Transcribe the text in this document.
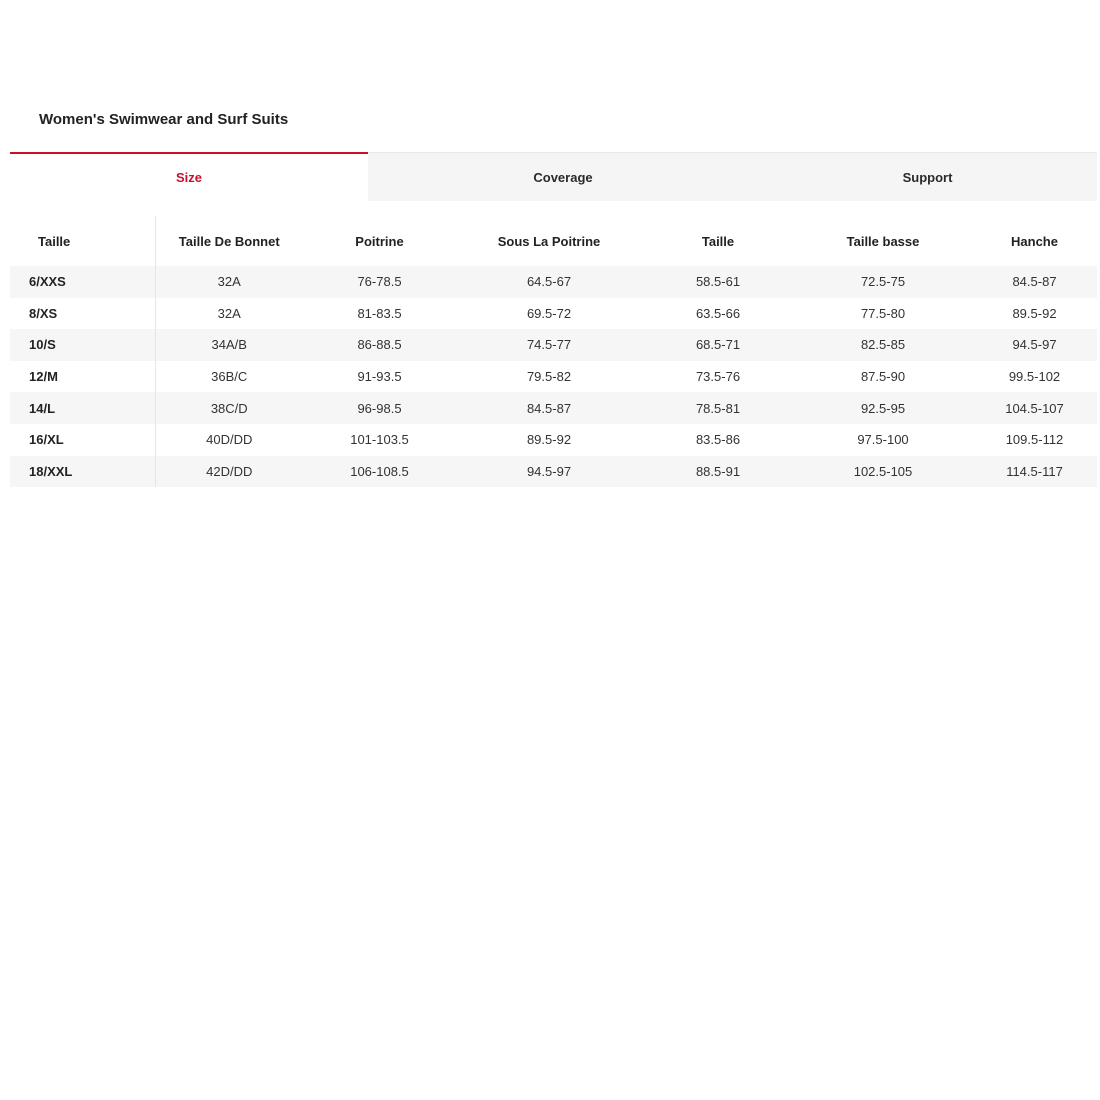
Women's Swimwear and Surf Suits
Size	Coverage	Support
Taille	Taille De Bonnet	Poitrine	Sous La Poitrine	Taille	Taille basse	Hanche
6/XXS	32A	76-78.5	64.5-67	58.5-61	72.5-75	84.5-87
8/XS	32A	81-83.5	69.5-72	63.5-66	77.5-80	89.5-92
10/S	34A/B	86-88.5	74.5-77	68.5-71	82.5-85	94.5-97
12/M	36B/C	91-93.5	79.5-82	73.5-76	87.5-90	99.5-102
14/L	38C/D	96-98.5	84.5-87	78.5-81	92.5-95	104.5-107
16/XL	40D/DD	101-103.5	89.5-92	83.5-86	97.5-100	109.5-112
18/XXL	42D/DD	106-108.5	94.5-97	88.5-91	102.5-105	114.5-117
